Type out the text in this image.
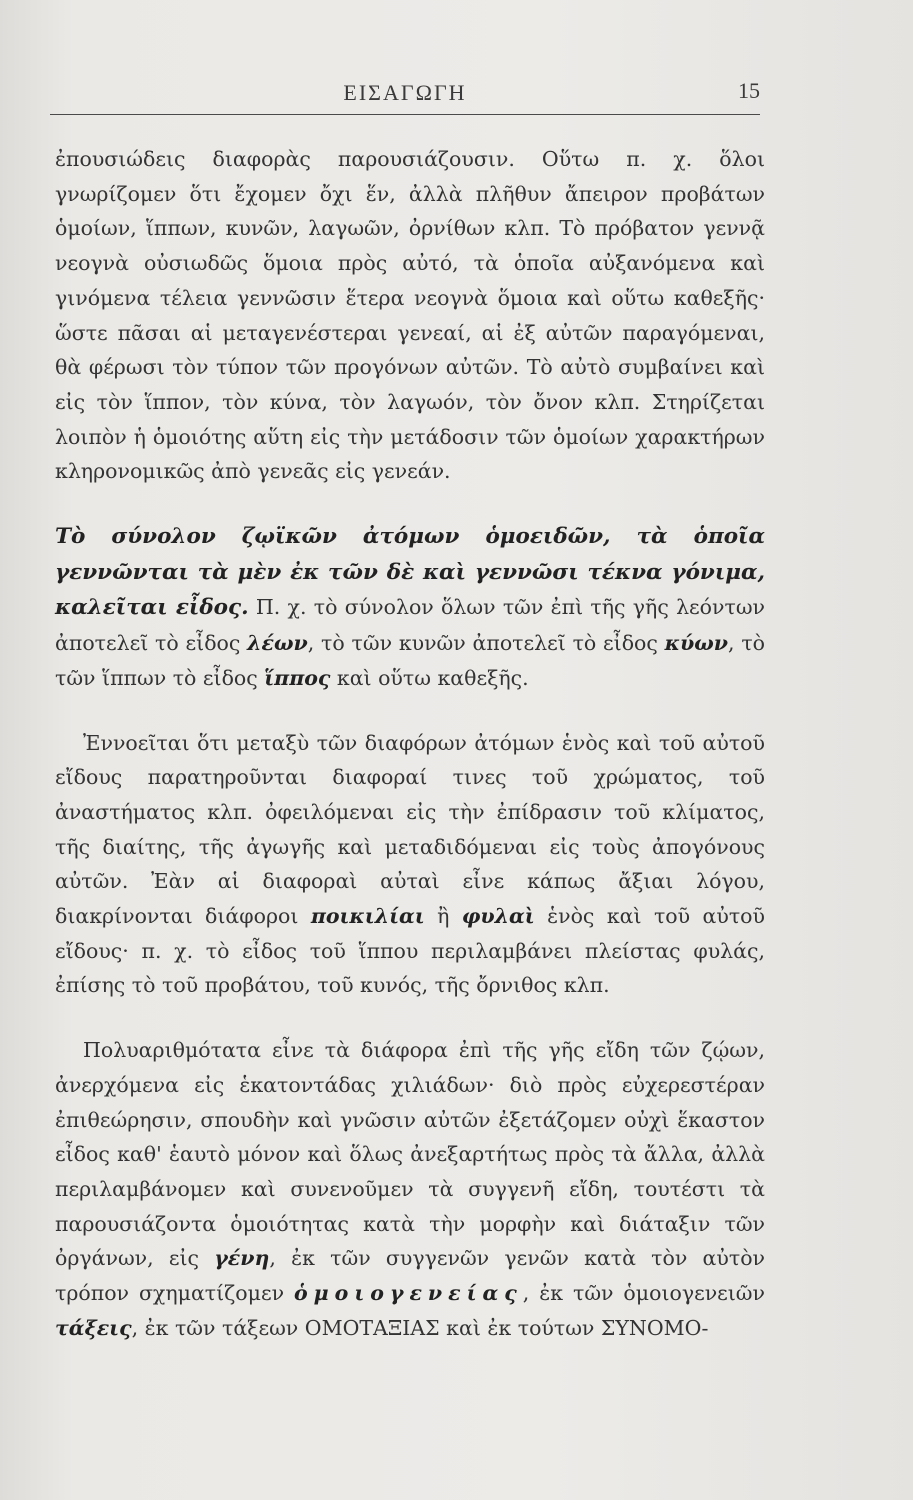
ΕΙΣΑΓΩΓΗ	15

ἐπουσιώδεις διαφορὰς παρουσιάζουσιν. Οὕτω π. χ. ὅλοι γνωρίζομεν ὅτι ἔχομεν ὄχι ἕν, ἀλλὰ πλῆθυν ἄπειρον προβάτων ὁμοίων, ἵππων, κυνῶν, λαγωῶν, ὀρνίθων κλπ. Τὸ πρόβατον γεννᾷ νεογνὰ οὐσιωδῶς ὅμοια πρὸς αὐτό, τὰ ὁποῖα αὐξανόμενα καὶ γινόμενα τέλεια γεννῶσιν ἕτερα νεογνὰ ὅμοια καὶ οὕτω καθεξῆς· ὥστε πᾶσαι αἱ μεταγενέστεραι γενεαί, αἱ ἐξ αὐτῶν παραγόμεναι, θὰ φέρωσι τὸν τύπον τῶν προγόνων αὐτῶν. Τὸ αὐτὸ συμβαίνει καὶ εἰς τὸν ἵππον, τὸν κύνα, τὸν λαγωόν, τὸν ὄνον κλπ. Στηρίζεται λοιπὸν ἡ ὁμοιότης αὕτη εἰς τὴν μετάδοσιν τῶν ὁμοίων χαρακτήρων κληρονομικῶς ἀπὸ γενεᾶς εἰς γενεάν.

Τὸ σύνολον ζῳϊκῶν ἀτόμων ὁμοειδῶν, τὰ ὁποῖα γεννῶνται τὰ μὲν ἐκ τῶν δὲ καὶ γεννῶσι τέκνα γόνιμα, καλεῖται εἶδος. Π. χ. τὸ σύνολον ὅλων τῶν ἐπὶ τῆς γῆς λεόντων ἀποτελεῖ τὸ εἶδος λέων, τὸ τῶν κυνῶν ἀποτελεῖ τὸ εἶδος κύων, τὸ τῶν ἵππων τὸ εἶδος ἵππος καὶ οὕτω καθεξῆς.

Ἐννοεῖται ὅτι μεταξὺ τῶν διαφόρων ἀτόμων ἑνὸς καὶ τοῦ αὐτοῦ εἴδους παρατηροῦνται διαφοραί τινες τοῦ χρώματος, τοῦ ἀναστήματος κλπ. ὀφειλόμεναι εἰς τὴν ἐπίδρασιν τοῦ κλίματος, τῆς διαίτης, τῆς ἀγωγῆς καὶ μεταδιδόμεναι εἰς τοὺς ἀπογόνους αὐτῶν. Ἐὰν αἱ διαφοραὶ αὐταὶ εἶνε κάπως ἄξιαι λόγου, διακρίνονται διάφοροι ποικιλίαι ἢ φυλαὶ ἑνὸς καὶ τοῦ αὐτοῦ εἴδους· π. χ. τὸ εἶδος τοῦ ἵππου περιλαμβάνει πλείστας φυλάς, ἐπίσης τὸ τοῦ προβάτου, τοῦ κυνός, τῆς ὄρνιθος κλπ.

Πολυαριθμότατα εἶνε τὰ διάφορα ἐπὶ τῆς γῆς εἴδη τῶν ζῴων, ἀνερχόμενα εἰς ἑκατοντάδας χιλιάδων· διὸ πρὸς εὐχερεστέραν ἐπιθεώρησιν, σπουδὴν καὶ γνῶσιν αὐτῶν ἐξετάζομεν οὐχὶ ἕκαστον εἶδος καθ' ἑαυτὸ μόνον καὶ ὅλως ἀνεξαρτήτως πρὸς τὰ ἄλλα, ἀλλὰ περιλαμβάνομεν καὶ συνενοῦμεν τὰ συγγενῆ εἴδη, τουτέστι τὰ παρουσιάζοντα ὁμοιότητας κατὰ τὴν μορφὴν καὶ διάταξιν τῶν ὀργάνων, εἰς γένη, ἐκ τῶν συγγενῶν γενῶν κατὰ τὸν αὐτὸν τρόπον σχηματίζομεν ὁμοιογενείας, ἐκ τῶν ὁμοιογενειῶν τάξεις, ἐκ τῶν τάξεων ΟΜΟΤΑΞΙΑΣ καὶ ἐκ τούτων ΣΥΝΟΜΟ-
